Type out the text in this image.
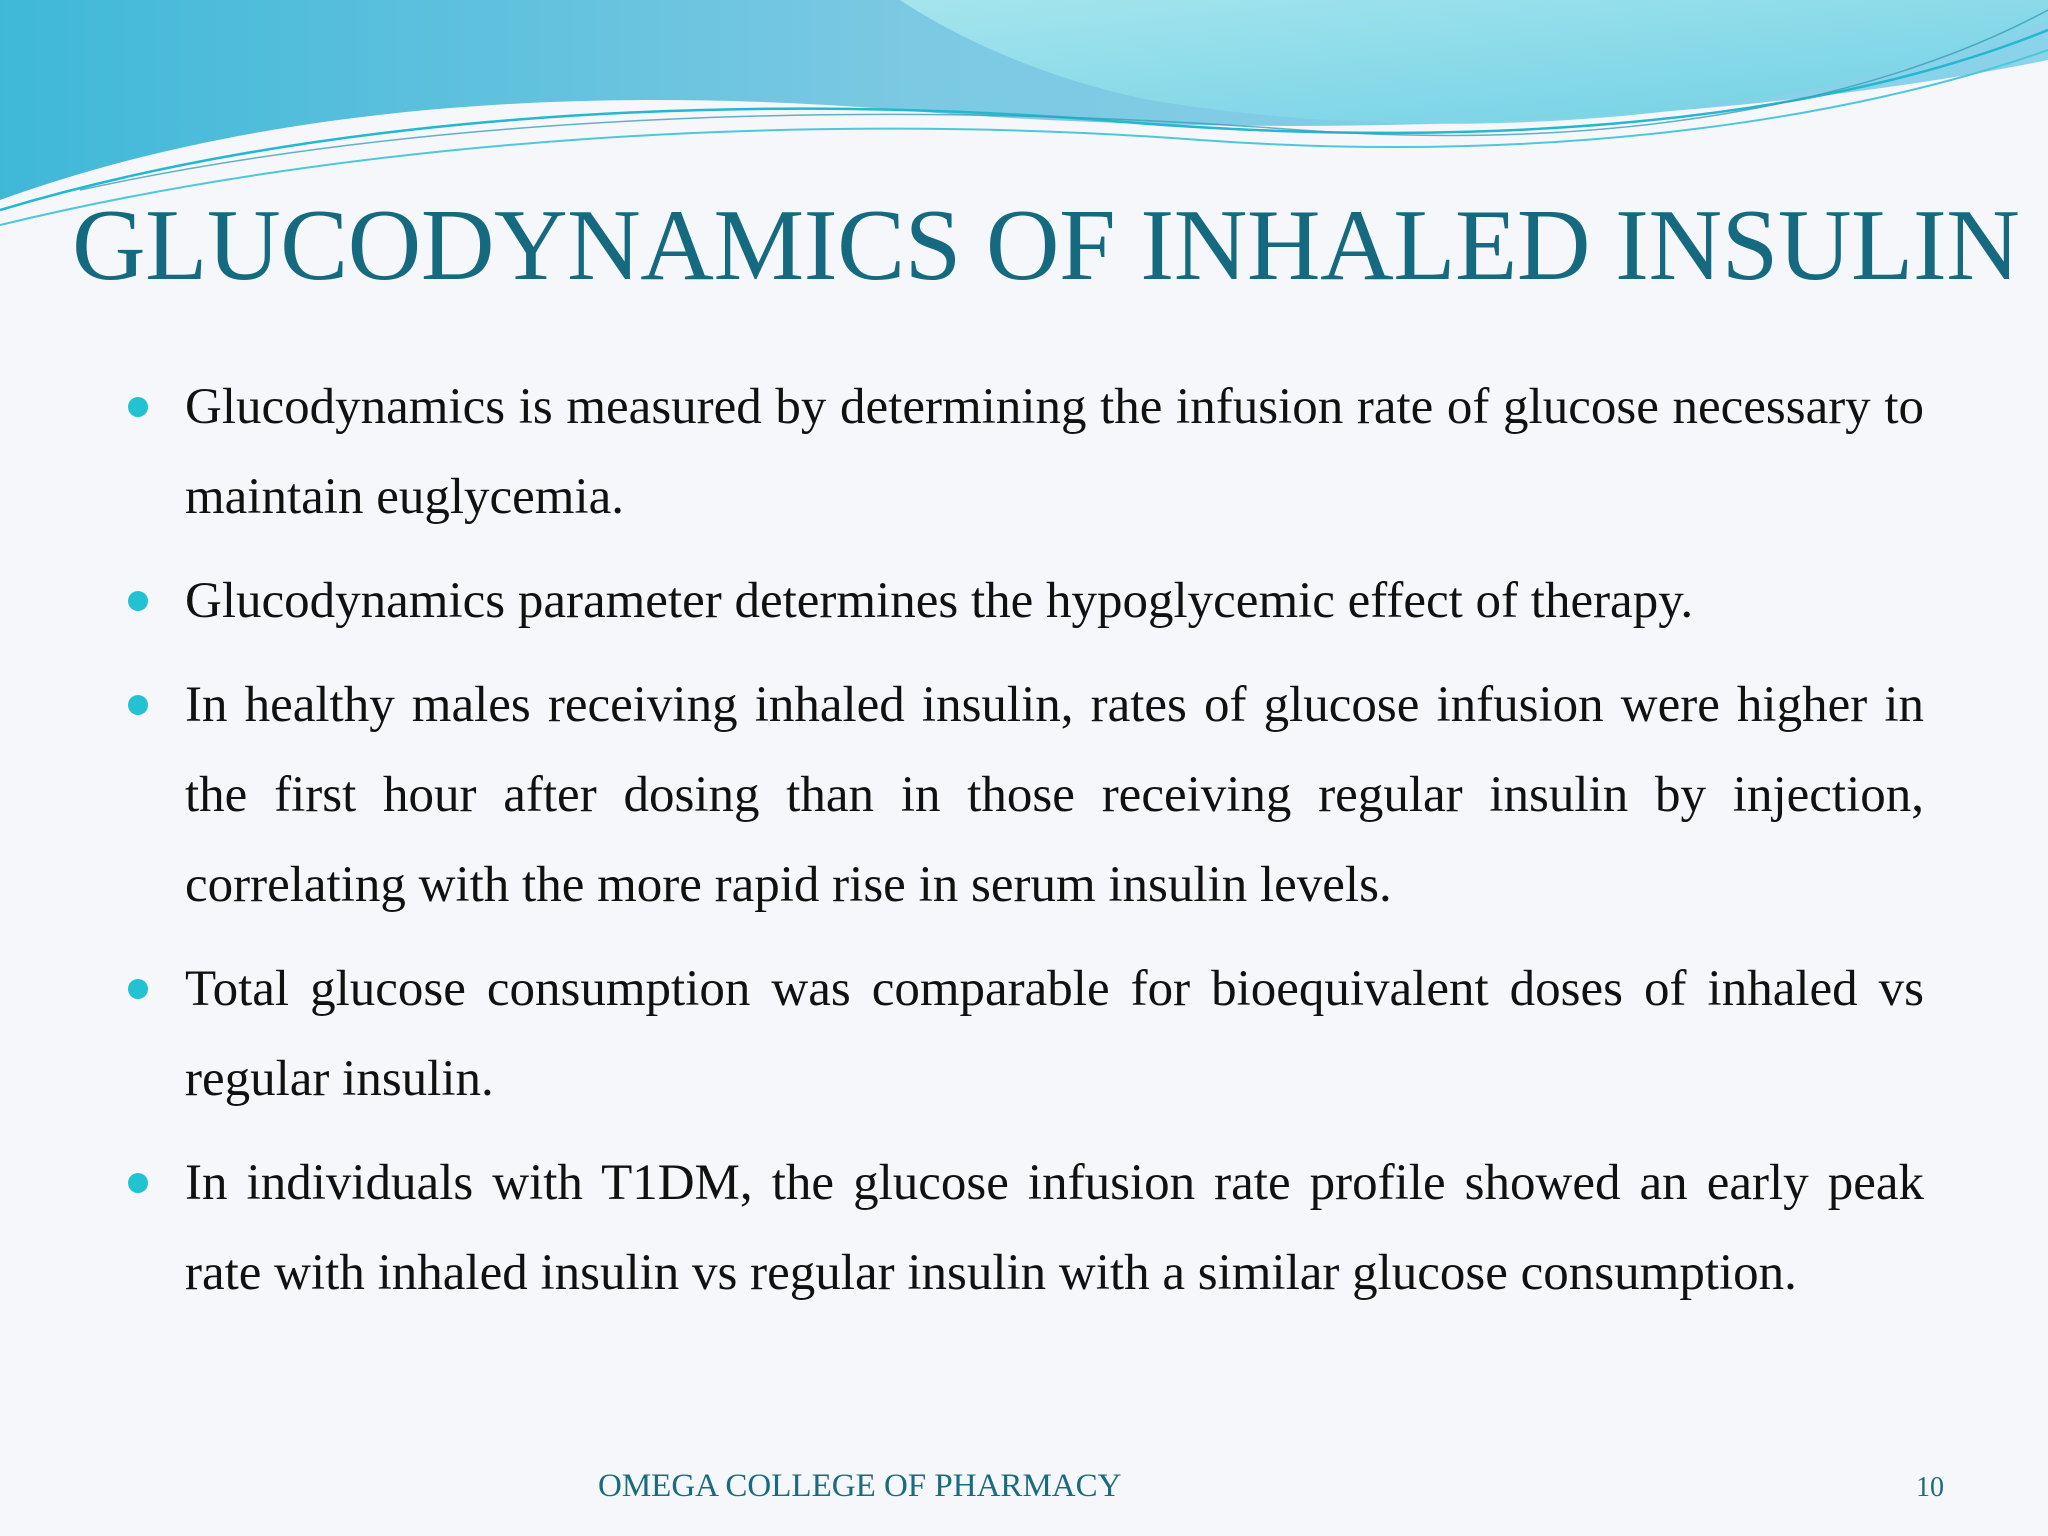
GLUCODYNAMICS OF INHALED INSULIN
Glucodynamics is measured by determining the infusion rate of glucose necessary to maintain euglycemia.
Glucodynamics parameter determines the hypoglycemic effect of therapy.
In healthy males receiving inhaled insulin, rates of glucose infusion were higher in the first hour after dosing than in those receiving regular insulin by injection, correlating with the more rapid rise in serum insulin levels.
Total glucose consumption was comparable for bioequivalent doses of inhaled vs regular insulin.
In individuals with T1DM, the glucose infusion rate profile showed an early peak rate with inhaled insulin vs regular insulin with a similar glucose consumption.
OMEGA COLLEGE OF PHARMACY	10
